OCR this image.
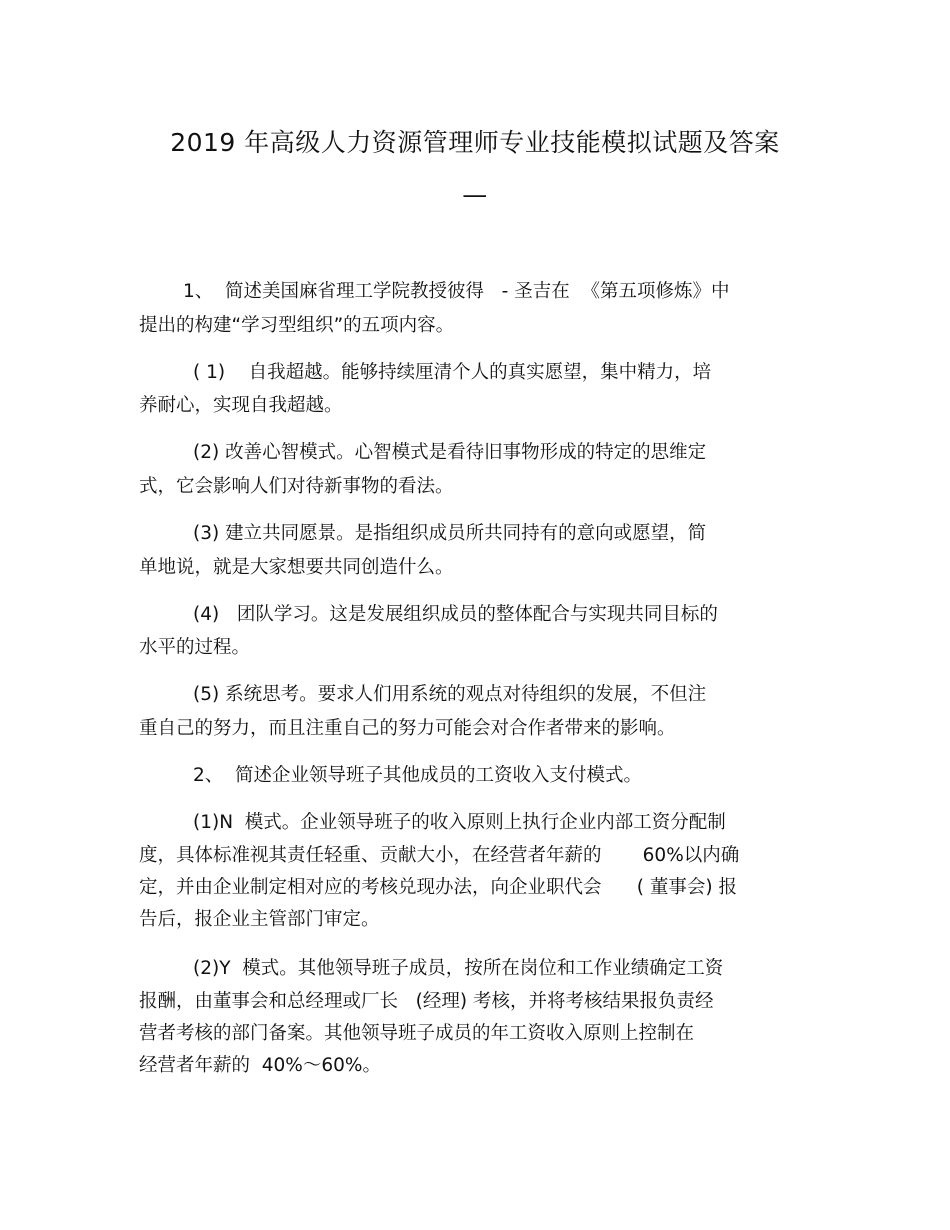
2019 年高级人力资源管理师专业技能模拟试题及答案
—
1、  简述美国麻省理工学院教授彼得   - 圣吉在  《第五项修炼》中
提出的构建“学习型组织”的五项内容。
( 1)    自我超越。能够持续厘清个人的真实愿望，集中精力，培
养耐心，实现自我超越。
(2) 改善心智模式。心智模式是看待旧事物形成的特定的思维定
式，它会影响人们对待新事物的看法。
(3) 建立共同愿景。是指组织成员所共同持有的意向或愿望，简
单地说，就是大家想要共同创造什么。
(4)   团队学习。这是发展组织成员的整体配合与实现共同目标的
水平的过程。
(5) 系统思考。要求人们用系统的观点对待组织的发展，不但注
重自己的努力，而且注重自己的努力可能会对合作者带来的影响。
2、  简述企业领导班子其他成员的工资收入支付模式。
(1)N  模式。企业领导班子的收入原则上执行企业内部工资分配制
度，具体标准视其责任轻重、贡献大小，在经营者年薪的       60%以内确
定，并由企业制定相对应的考核兑现办法，向企业职代会      ( 董事会) 报
告后，报企业主管部门审定。
(2)Y  模式。其他领导班子成员，按所在岗位和工作业绩确定工资
报酬，由董事会和总经理或厂长   (经理) 考核，并将考核结果报负责经
营者考核的部门备案。其他领导班子成员的年工资收入原则上控制在
经营者年薪的  40%～60%。
